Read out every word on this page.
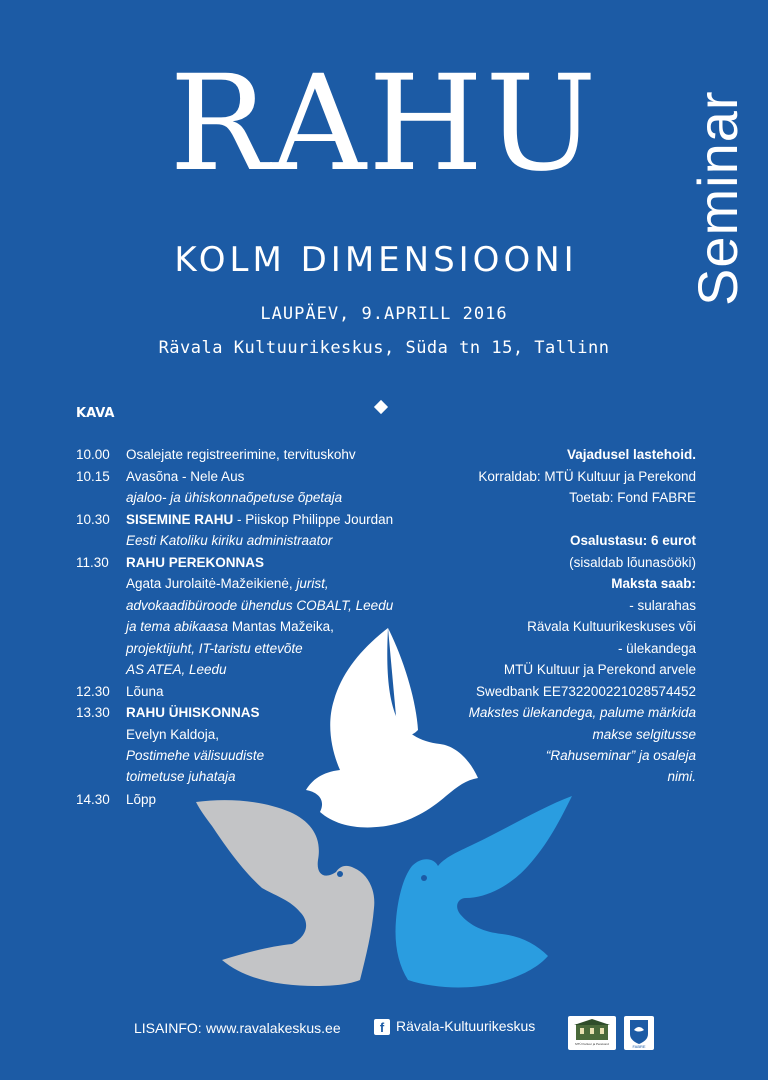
RAHU	Seminar
KOLM DIMENSIOONI
LAUPÄEV, 9.APRILL 2016
Rävala Kultuurikeskus, Süda tn 15, Tallinn
KAVA
10.00 Osalejate registreerimine, tervituskohv
10.15 Avasõna - Nele Aus
ajaloo- ja ühiskonnaõpetuse õpetaja
10.30 SISEMINE RAHU - Piiskop Philippe Jourdan
Eesti Katoliku kiriku administraator
11.30 RAHU PEREKONNAS
Agata Jurolaitė-Mažeikienė, jurist,
advokaadibüroode ühendus COBALT, Leedu
ja tema abikaasa Mantas Mažeika,
projektijuht, IT-taristu ettevõte
AS ATEA, Leedu
12.30 Lõuna
13.30 RAHU ÜHISKONNAS
Evelyn Kaldoja,
Postimehe välisuudiste
toimetuse juhataja
14.30 Lõpp
Vajadusel lastehoid.
Korraldab: MTÜ Kultuur ja Perekond
Toetab: Fond FABRE
Osalustasu: 6 eurot
(sisaldab lõunasööki)
Maksta saab:
- sularahas
Rävala Kultuurikeskuses või
- ülekandega
MTÜ Kultuur ja Perekond arvele
Swedbank EE732200221028574452
Makstes ülekandega, palume märkida
makse selgitusse
“Rahuseminar” ja osaleja
nimi.
LISAINFO: www.ravalakeskus.ee	f Rävala-Kultuurikeskus
MTÜ Kultuur ja Perekond	FABRE
